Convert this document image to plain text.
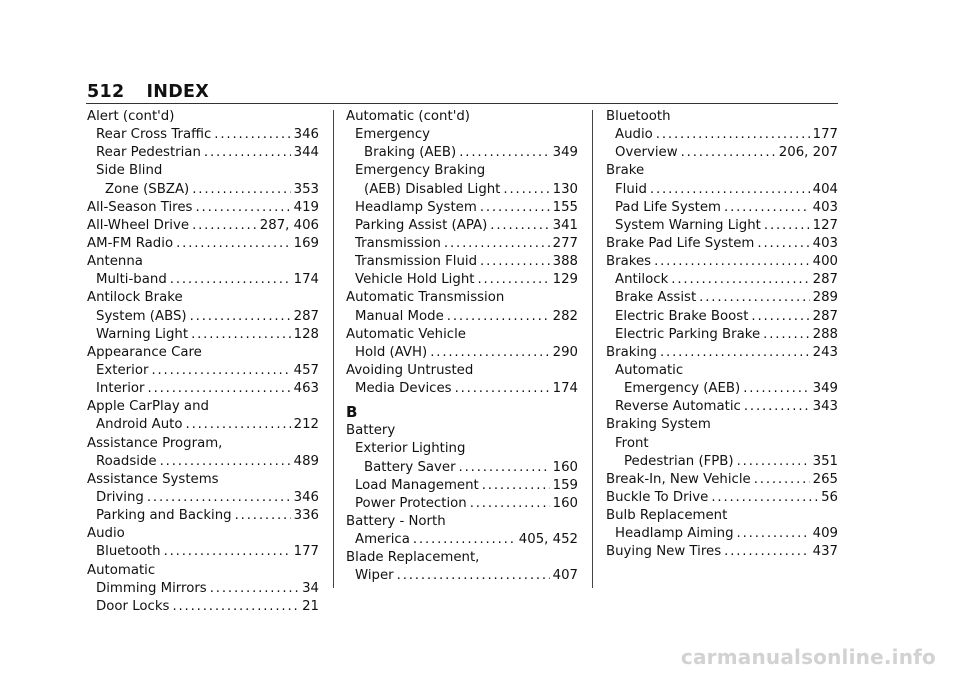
512 INDEX
Alert (cont'd)
Rear Cross Traffic . . .	346
Rear Pedestrian . . .	344
Side Blind
Zone (SBZA) . . .	353
All-Season Tires . . .	419
All-Wheel Drive . . .	287, 406
AM-FM Radio . . .	169
Antenna
Multi-band . . .	174
Antilock Brake
System (ABS) . . .	287
Warning Light . . .	128
Appearance Care
Exterior . . .	457
Interior . . .	463
Apple CarPlay and
Android Auto . . .	212
Assistance Program,
Roadside . . .	489
Assistance Systems
Driving . . .	346
Parking and Backing . . .	336
Audio
Bluetooth . . .	177
Automatic
Dimming Mirrors . . .	34
Door Locks . . .	21
Automatic (cont'd)
Emergency
Braking (AEB) . . .	349
Emergency Braking
(AEB) Disabled Light . . .	130
Headlamp System . . .	155
Parking Assist (APA) . . .	341
Transmission . . .	277
Transmission Fluid . . .	388
Vehicle Hold Light . . .	129
Automatic Transmission
Manual Mode . . .	282
Automatic Vehicle
Hold (AVH) . . .	290
Avoiding Untrusted
Media Devices . . .	174
B
Battery
Exterior Lighting
Battery Saver . . .	160
Load Management . . .	159
Power Protection . . .	160
Battery - North
America . . .	405, 452
Blade Replacement,
Wiper . . .	407
Bluetooth
Audio . . .	177
Overview . . .	206, 207
Brake
Fluid . . .	404
Pad Life System . . .	403
System Warning Light . . .	127
Brake Pad Life System . . .	403
Brakes . . .	400
Antilock . . .	287
Brake Assist . . .	289
Electric Brake Boost . . .	287
Electric Parking Brake . . .	288
Braking . . .	243
Automatic
Emergency (AEB) . . .	349
Reverse Automatic . . .	343
Braking System
Front
Pedestrian (FPB) . . .	351
Break-In, New Vehicle . . .	265
Buckle To Drive . . .	56
Bulb Replacement
Headlamp Aiming . . .	409
Buying New Tires . . .	437
carmanualsonline.info
